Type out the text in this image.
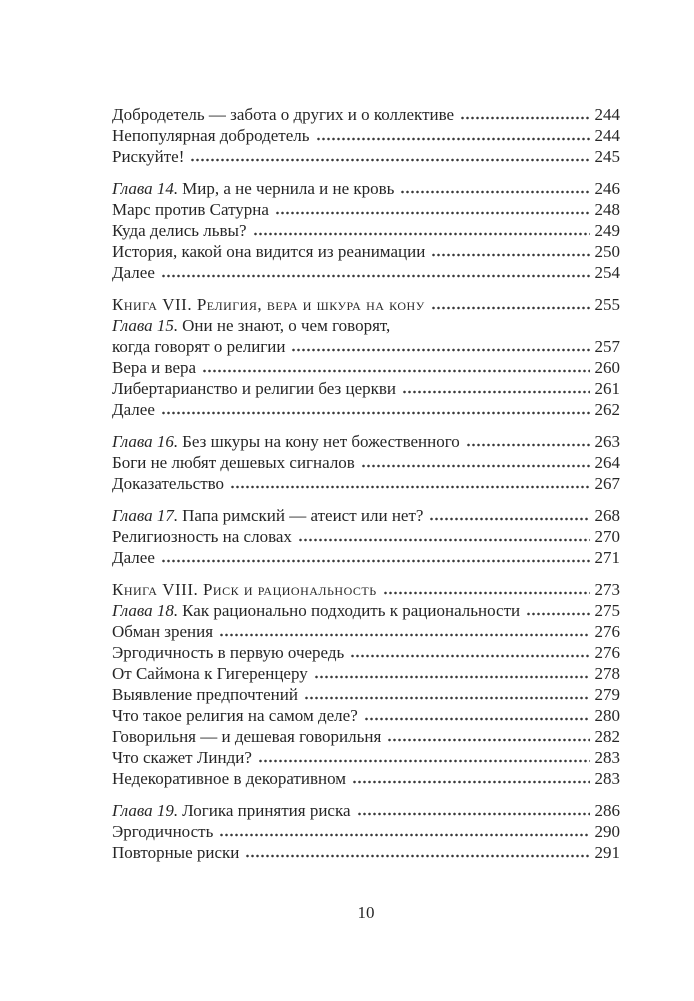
Добродетель — забота о других и о коллективе	244
Непопулярная добродетель	244
Рискуйте!	245
Глава 14. Мир, а не чернила и не кровь	246
Марс против Сатурна	248
Куда делись львы?	249
История, какой она видится из реанимации	250
Далее	254
Книга VII. Религия, вера и шкура на кону	255
Глава 15. Они не знают, о чем говорят,
когда говорят о религии	257
Вера и вера	260
Либертарианство и религии без церкви	261
Далее	262
Глава 16. Без шкуры на кону нет божественного	263
Боги не любят дешевых сигналов	264
Доказательство	267
Глава 17. Папа римский — атеист или нет?	268
Религиозность на словах	270
Далее	271
Книга VIII. Риск и рациональность	273
Глава 18. Как рационально подходить к рациональности	275
Обман зрения	276
Эргодичность в первую очередь	276
От Саймона к Гигеренцеру	278
Выявление предпочтений	279
Что такое религия на самом деле?	280
Говорильня — и дешевая говорильня	282
Что скажет Линди?	283
Недекоративное в декоративном	283
Глава 19. Логика принятия риска	286
Эргодичность	290
Повторные риски	291
10
